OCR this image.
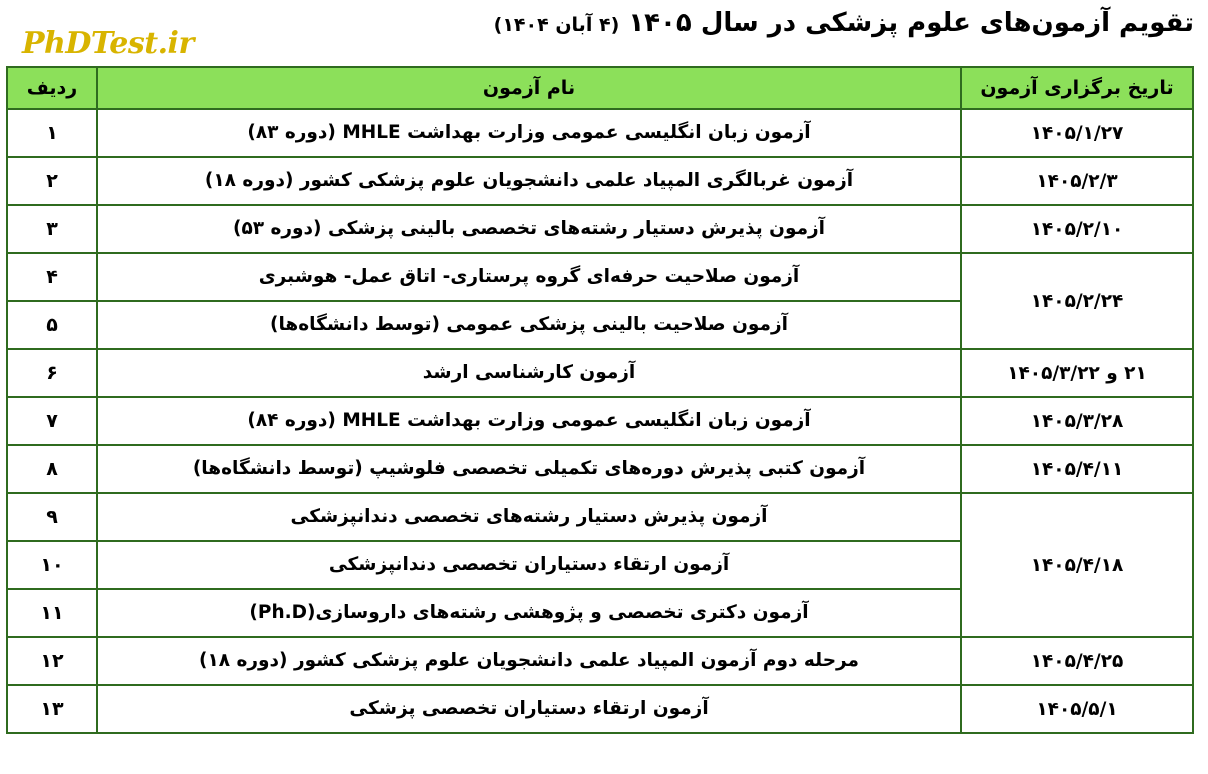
PhDTest.ir
تقویم آزمون‌های علوم پزشکی در سال ۱۴۰۵ (۴ آبان ۱۴۰۴)
تاریخ برگزاری آزمون	نام آزمون	ردیف
۱۴۰۵/۱/۲۷	آزمون زبان انگلیسی عمومی وزارت بهداشت MHLE (دوره ۸۳)	۱
۱۴۰۵/۲/۳	آزمون غربالگری المپیاد علمی دانشجویان علوم پزشکی کشور (دوره ۱۸)	۲
۱۴۰۵/۲/۱۰	آزمون پذیرش دستیار رشته‌های تخصصی بالینی پزشکی (دوره ۵۳)	۳
۱۴۰۵/۲/۲۴	آزمون صلاحیت حرفه‌ای گروه پرستاری- اتاق عمل- هوشبری	۴
	آزمون صلاحیت بالینی پزشکی عمومی (توسط دانشگاه‌ها)	۵
۲۱ و ۱۴۰۵/۳/۲۲	آزمون کارشناسی ارشد	۶
۱۴۰۵/۳/۲۸	آزمون زبان انگلیسی عمومی وزارت بهداشت MHLE (دوره ۸۴)	۷
۱۴۰۵/۴/۱۱	آزمون کتبی پذیرش دوره‌های تکمیلی تخصصی فلوشیپ (توسط دانشگاه‌ها)	۸
۱۴۰۵/۴/۱۸	آزمون پذیرش دستیار رشته‌های تخصصی دندانپزشکی	۹
	آزمون ارتقاء دستیاران تخصصی دندانپزشکی	۱۰
	آزمون دکتری تخصصی و پژوهشی رشته‌های داروسازی(Ph.D)	۱۱
۱۴۰۵/۴/۲۵	مرحله دوم آزمون المپیاد علمی دانشجویان علوم پزشکی کشور (دوره ۱۸)	۱۲
۱۴۰۵/۵/۱	آزمون ارتقاء دستیاران تخصصی پزشکی	۱۳
